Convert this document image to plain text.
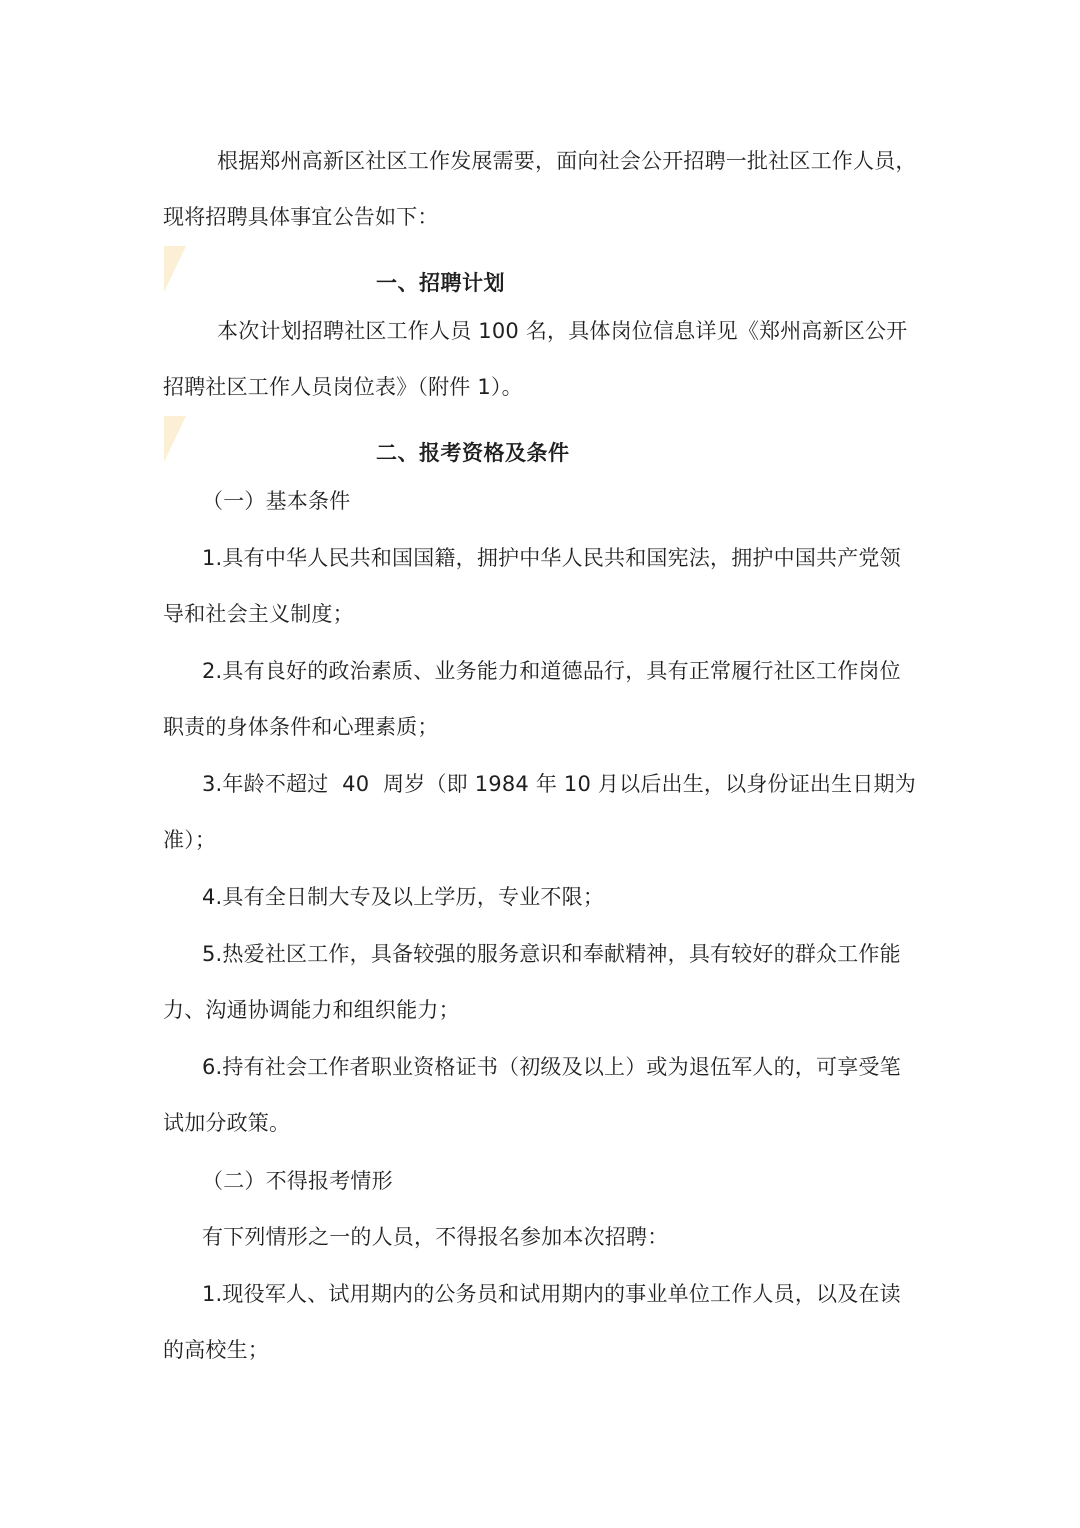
根据郑州高新区社区工作发展需要，面向社会公开招聘一批社区工作人员，
现将招聘具体事宜公告如下：
一、招聘计划
本次计划招聘社区工作人员 100 名，具体岗位信息详见《郑州高新区公开
招聘社区工作人员岗位表》（附件 1）。
二、报考资格及条件
（一）基本条件
1.具有中华人民共和国国籍，拥护中华人民共和国宪法，拥护中国共产党领
导和社会主义制度；
2.具有良好的政治素质、业务能力和道德品行，具有正常履行社区工作岗位
职责的身体条件和心理素质；
3.年龄不超过  40  周岁（即 1984 年 10 月以后出生，以身份证出生日期为
准）；
4.具有全日制大专及以上学历，专业不限；
5.热爱社区工作，具备较强的服务意识和奉献精神，具有较好的群众工作能
力、沟通协调能力和组织能力；
6.持有社会工作者职业资格证书（初级及以上）或为退伍军人的，可享受笔
试加分政策。
（二）不得报考情形
有下列情形之一的人员，不得报名参加本次招聘：
1.现役军人、试用期内的公务员和试用期内的事业单位工作人员，以及在读
的高校生；
